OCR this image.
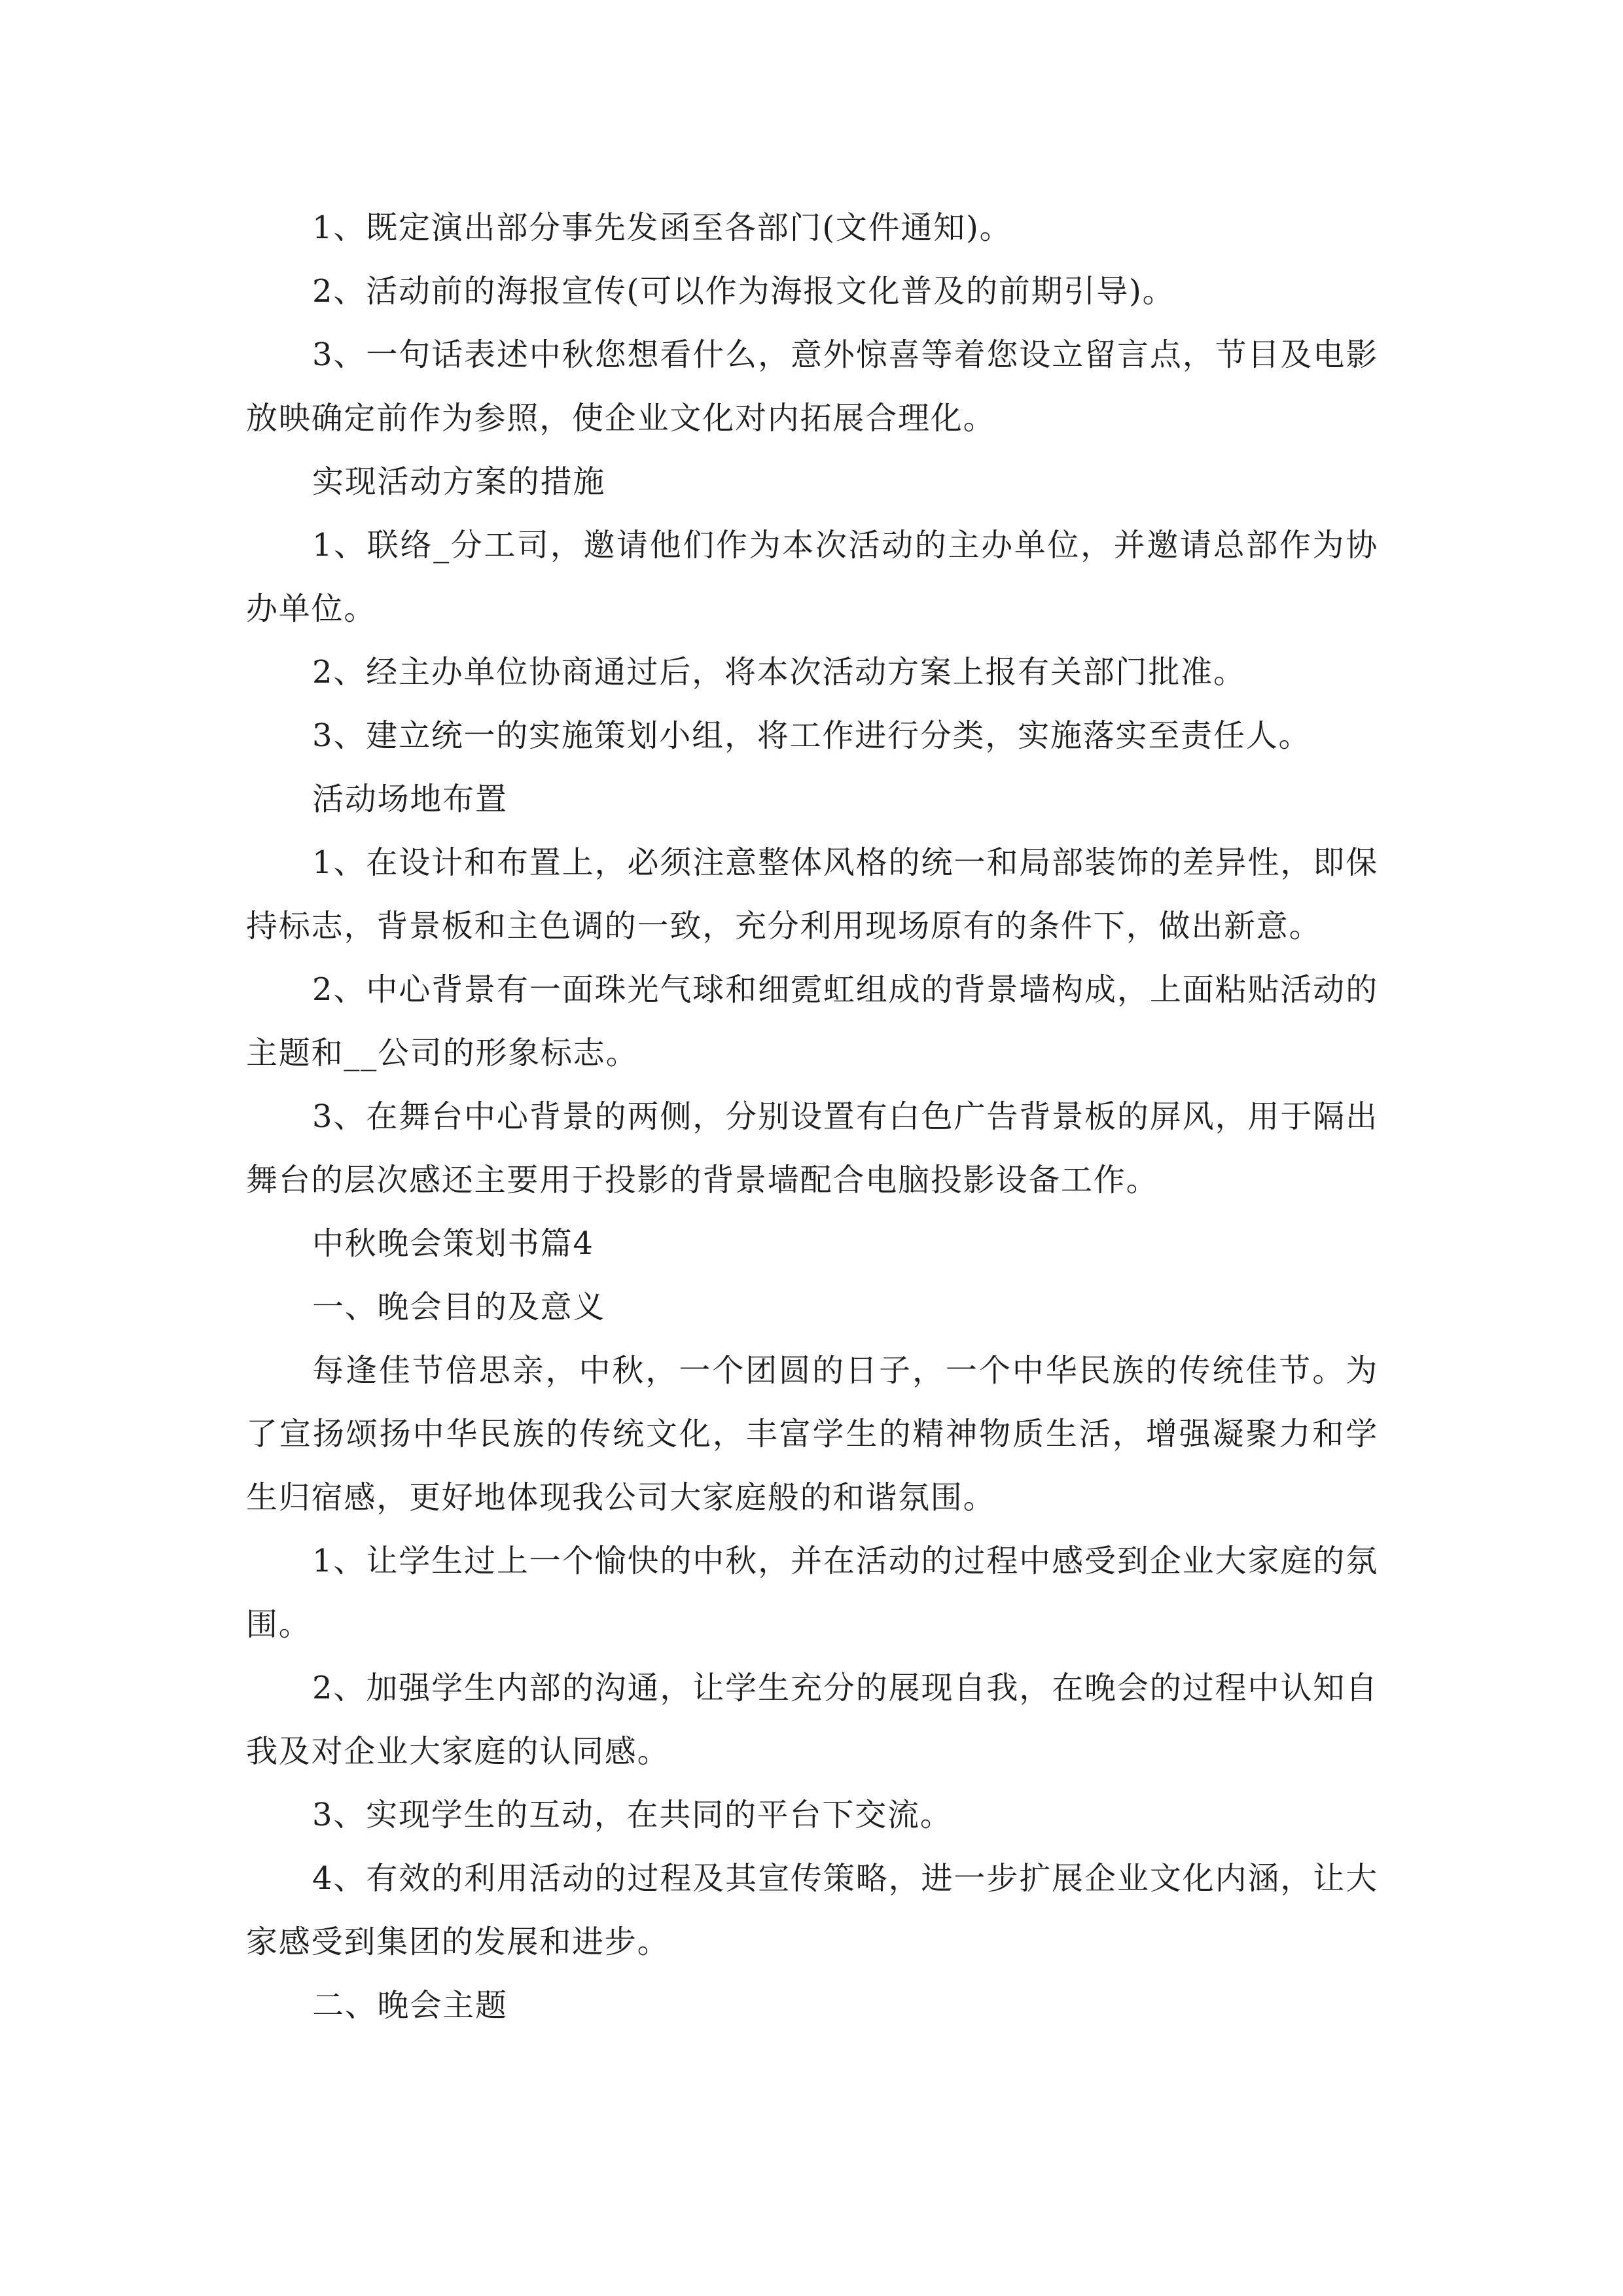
1、既定演出部分事先发函至各部门(文件通知)。

2、活动前的海报宣传(可以作为海报文化普及的前期引导)。

3、一句话表述中秋您想看什么，意外惊喜等着您设立留言点，节目及电影放映确定前作为参照，使企业文化对内拓展合理化。

实现活动方案的措施

1、联络_分工司，邀请他们作为本次活动的主办单位，并邀请总部作为协办单位。

2、经主办单位协商通过后，将本次活动方案上报有关部门批准。

3、建立统一的实施策划小组，将工作进行分类，实施落实至责任人。

活动场地布置

1、在设计和布置上，必须注意整体风格的统一和局部装饰的差异性，即保持标志，背景板和主色调的一致，充分利用现场原有的条件下，做出新意。

2、中心背景有一面珠光气球和细霓虹组成的背景墙构成，上面粘贴活动的主题和__公司的形象标志。

3、在舞台中心背景的两侧，分别设置有白色广告背景板的屏风，用于隔出舞台的层次感还主要用于投影的背景墙配合电脑投影设备工作。

中秋晚会策划书篇4

一、晚会目的及意义

每逢佳节倍思亲，中秋，一个团圆的日子，一个中华民族的传统佳节。为了宣扬颂扬中华民族的传统文化，丰富学生的精神物质生活，增强凝聚力和学生归宿感，更好地体现我公司大家庭般的和谐氛围。

1、让学生过上一个愉快的中秋，并在活动的过程中感受到企业大家庭的氛围。

2、加强学生内部的沟通，让学生充分的展现自我，在晚会的过程中认知自我及对企业大家庭的认同感。

3、实现学生的互动，在共同的平台下交流。

4、有效的利用活动的过程及其宣传策略，进一步扩展企业文化内涵，让大家感受到集团的发展和进步。

二、晚会主题
